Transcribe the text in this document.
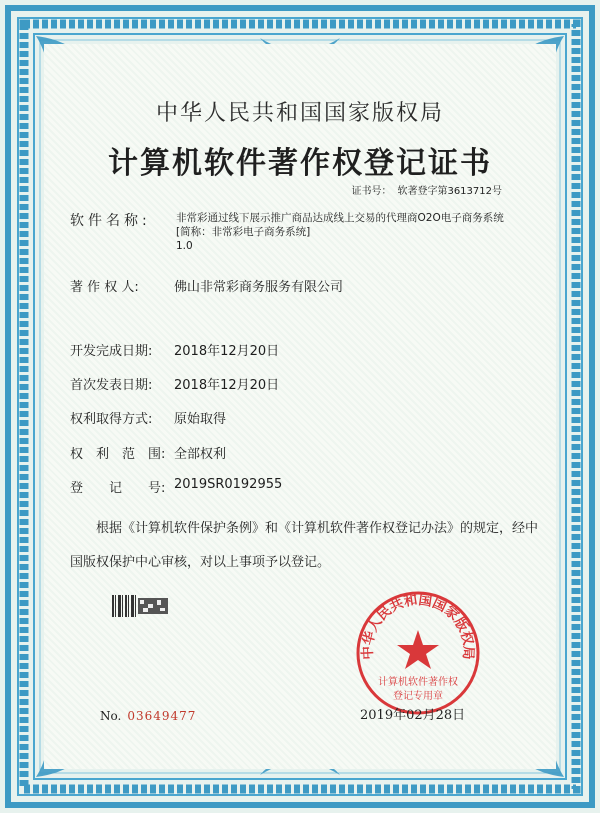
中华人民共和国国家版权局
计算机软件著作权登记证书
证书号： 软著登字第3613712号
软件名称: 非常彩通过线下展示推广商品达成线上交易的代理商O2O电子商务系统
[简称：非常彩电子商务系统]
1.0
著 作 权 人:	佛山非常彩商务服务有限公司
开发完成日期: 2018年12月20日
首次发表日期: 2018年12月20日
权利取得方式: 原始取得
权　利　范　围: 全部权利
登　　记　　号: 2019SR0192955
根据《计算机软件保护条例》和《计算机软件著作权登记办法》的规定，经中国版权保护中心审核，对以上事项予以登记。
中华人民共和国国家版权局
计算机软件著作权
登记专用章
No. 03649477	2019年02月28日
